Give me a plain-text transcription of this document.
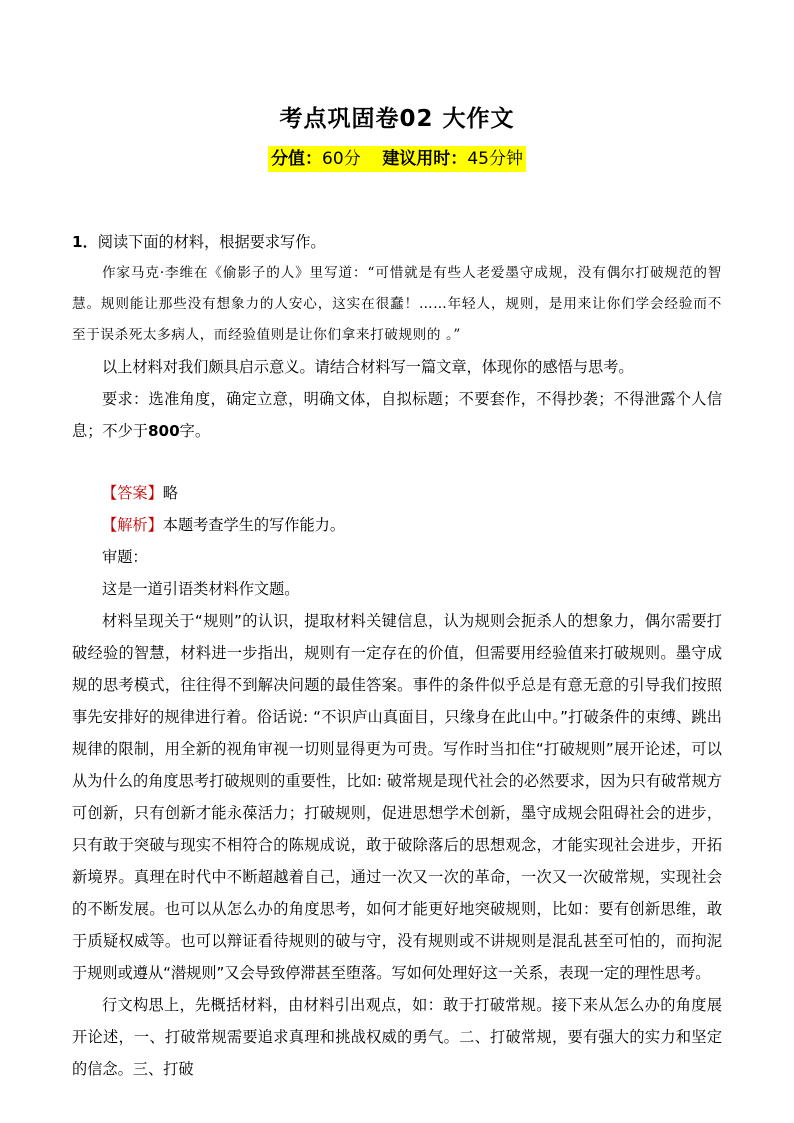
考点巩固卷02 大作文
分值：60分 建议用时：45分钟

1．阅读下面的材料，根据要求写作。

作家马克·李维在《偷影子的人》里写道：“可惜就是有些人老爱墨守成规，没有偶尔打破规范的智慧。规则能让那些没有想象力的人安心，这实在很蠢！……年轻人，规则，是用来让你们学会经验而不至于误杀死太多病人，而经验值则是让你们拿来打破规则的 。”

以上材料对我们颇具启示意义。请结合材料写一篇文章，体现你的感悟与思考。

要求：选准角度，确定立意，明确文体，自拟标题；不要套作，不得抄袭；不得泄露个人信息；不少于800字。

【答案】略

【解析】本题考查学生的写作能力。

审题：

这是一道引语类材料作文题。

材料呈现关于“规则”的认识，提取材料关键信息，认为规则会扼杀人的想象力，偶尔需要打破经验的智慧，材料进一步指出，规则有一定存在的价值，但需要用经验值来打破规则。墨守成规的思考模式，往往得不到解决问题的最佳答案。事件的条件似乎总是有意无意的引导我们按照事先安排好的规律进行着。俗话说: “不识庐山真面目，只缘身在此山中。”打破条件的束缚、跳出规律的限制，用全新的视角审视一切则显得更为可贵。写作时当扣住“打破规则”展开论述，可以从为什么的角度思考打破规则的重要性，比如: 破常规是现代社会的必然要求，因为只有破常规方可创新，只有创新才能永葆活力；打破规则，促进思想学术创新，墨守成规会阻碍社会的进步，只有敢于突破与现实不相符合的陈规成说，敢于破除落后的思想观念，才能实现社会进步，开拓新境界。真理在时代中不断超越着自己，通过一次又一次的革命，一次又一次破常规，实现社会的不断发展。也可以从怎么办的角度思考，如何才能更好地突破规则，比如：要有创新思维，敢于质疑权威等。也可以辩证看待规则的破与守，没有规则或不讲规则是混乱甚至可怕的，而拘泥于规则或遵从“潜规则”又会导致停滞甚至堕落。写如何处理好这一关系，表现一定的理性思考。

行文构思上，先概括材料，由材料引出观点，如：敢于打破常规。接下来从怎么办的角度展开论述，一、打破常规需要追求真理和挑战权威的勇气。二、打破常规，要有强大的实力和坚定的信念。三、打破
